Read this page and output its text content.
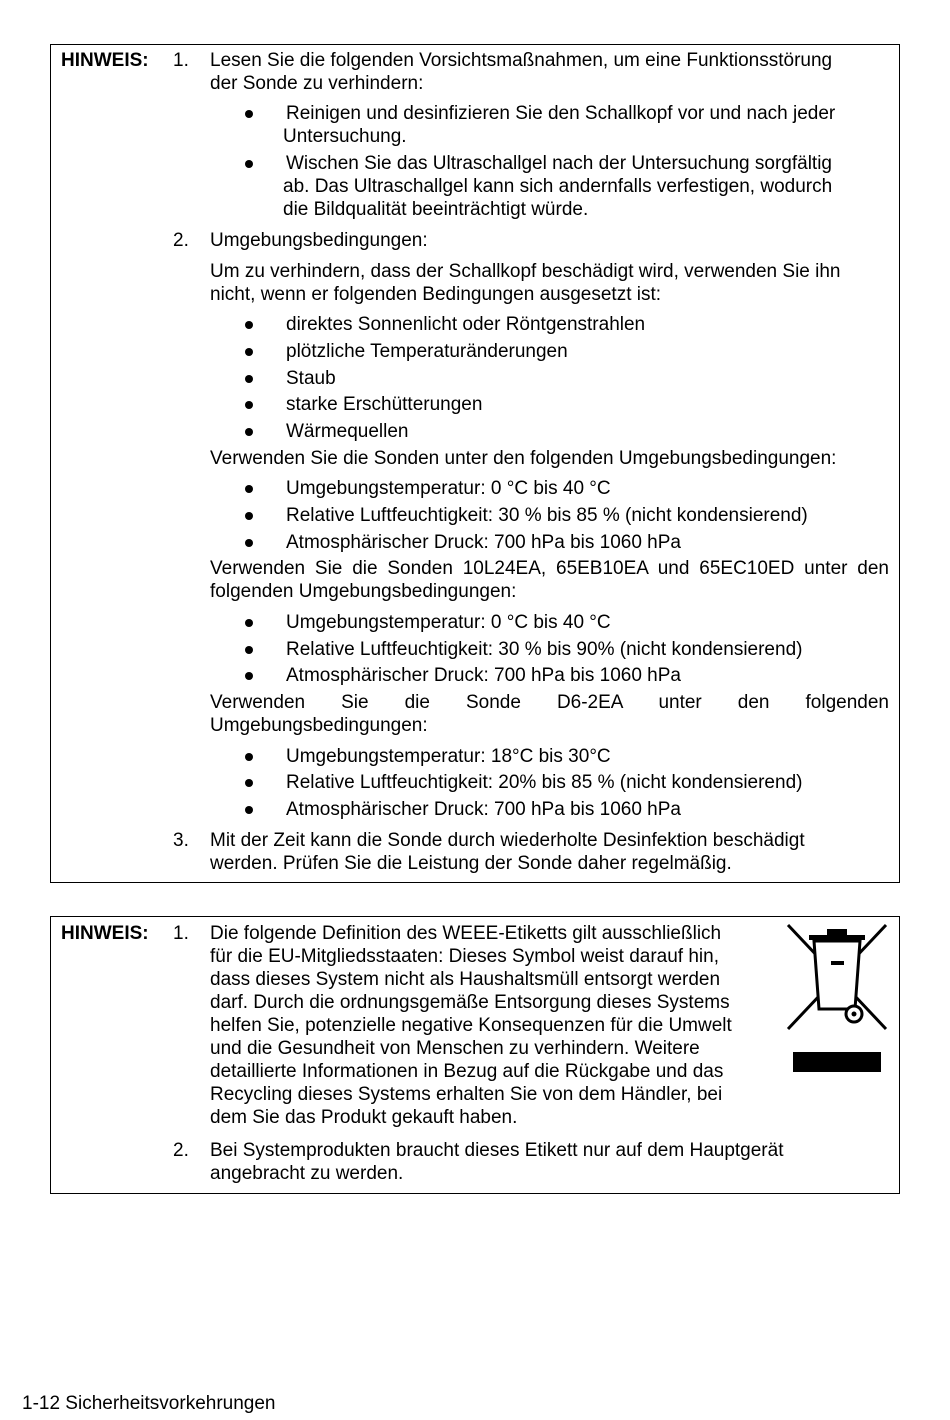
HINWEIS: 1. Lesen Sie die folgenden Vorsichtsmaßnahmen, um eine Funktionsstörung
der Sonde zu verhindern:
Reinigen und desinfizieren Sie den Schallkopf vor und nach jeder
Untersuchung.
Wischen Sie das Ultraschallgel nach der Untersuchung sorgfältig
ab. Das Ultraschallgel kann sich andernfalls verfestigen, wodurch
die Bildqualität beeinträchtigt würde.
2. Umgebungsbedingungen:
Um zu verhindern, dass der Schallkopf beschädigt wird, verwenden Sie ihn
nicht, wenn er folgenden Bedingungen ausgesetzt ist:
direktes Sonnenlicht oder Röntgenstrahlen
plötzliche Temperaturänderungen
Staub
starke Erschütterungen
Wärmequellen
Verwenden Sie die Sonden unter den folgenden Umgebungsbedingungen:
Umgebungstemperatur: 0 °C bis 40 °C
Relative Luftfeuchtigkeit: 30 % bis 85 % (nicht kondensierend)
Atmosphärischer Druck: 700 hPa bis 1060 hPa
Verwenden Sie die Sonden 10L24EA, 65EB10EA und 65EC10ED unter den
folgenden Umgebungsbedingungen:
Umgebungstemperatur: 0 °C bis 40 °C
Relative Luftfeuchtigkeit: 30 % bis 90% (nicht kondensierend)
Atmosphärischer Druck: 700 hPa bis 1060 hPa
Verwenden Sie die Sonde D6-2EA unter den folgenden
Umgebungsbedingungen:
Umgebungstemperatur: 18°C bis 30°C
Relative Luftfeuchtigkeit: 20% bis 85 % (nicht kondensierend)
Atmosphärischer Druck: 700 hPa bis 1060 hPa
3. Mit der Zeit kann die Sonde durch wiederholte Desinfektion beschädigt
werden. Prüfen Sie die Leistung der Sonde daher regelmäßig.
HINWEIS: 1. Die folgende Definition des WEEE-Etiketts gilt ausschließlich
für die EU-Mitgliedsstaaten: Dieses Symbol weist darauf hin,
dass dieses System nicht als Haushaltsmüll entsorgt werden
darf. Durch die ordnungsgemäße Entsorgung dieses Systems
helfen Sie, potenzielle negative Konsequenzen für die Umwelt
und die Gesundheit von Menschen zu verhindern. Weitere
detaillierte Informationen in Bezug auf die Rückgabe und das
Recycling dieses Systems erhalten Sie von dem Händler, bei
dem Sie das Produkt gekauft haben.
2. Bei Systemprodukten braucht dieses Etikett nur auf dem Hauptgerät
angebracht zu werden.
1-12 Sicherheitsvorkehrungen
